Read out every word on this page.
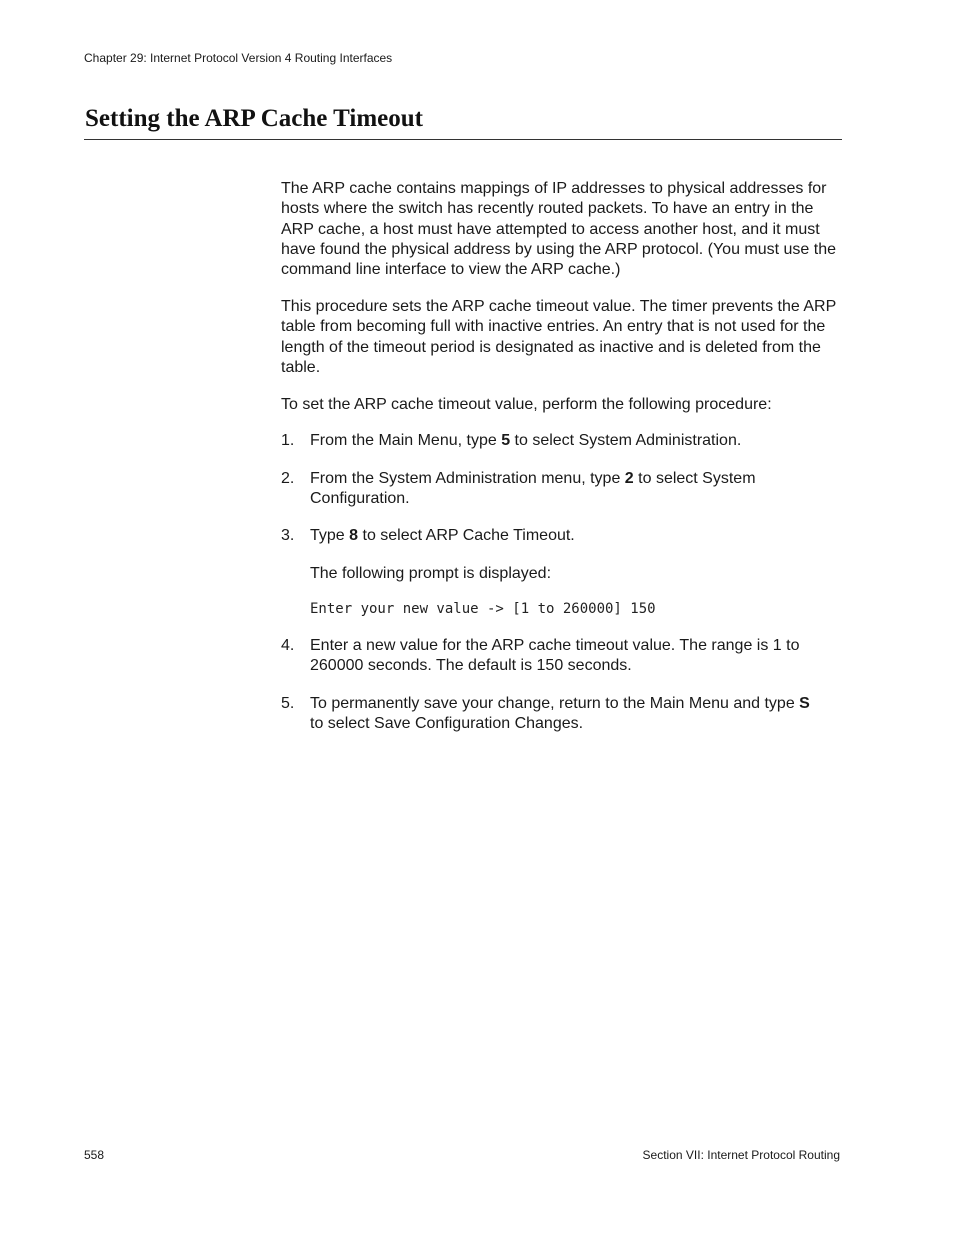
Chapter 29: Internet Protocol Version 4 Routing Interfaces
Setting the ARP Cache Timeout

The ARP cache contains mappings of IP addresses to physical addresses for hosts where the switch has recently routed packets. To have an entry in the ARP cache, a host must have attempted to access another host, and it must have found the physical address by using the ARP protocol. (You must use the command line interface to view the ARP cache.)

This procedure sets the ARP cache timeout value. The timer prevents the ARP table from becoming full with inactive entries. An entry that is not used for the length of the timeout period is designated as inactive and is deleted from the table.

To set the ARP cache timeout value, perform the following procedure:

1. From the Main Menu, type 5 to select System Administration.
2. From the System Administration menu, type 2 to select System Configuration.
3. Type 8 to select ARP Cache Timeout.
The following prompt is displayed:
Enter your new value -> [1 to 260000] 150
4. Enter a new value for the ARP cache timeout value. The range is 1 to 260000 seconds. The default is 150 seconds.
5. To permanently save your change, return to the Main Menu and type S
to select Save Configuration Changes.
558	Section VII: Internet Protocol Routing
